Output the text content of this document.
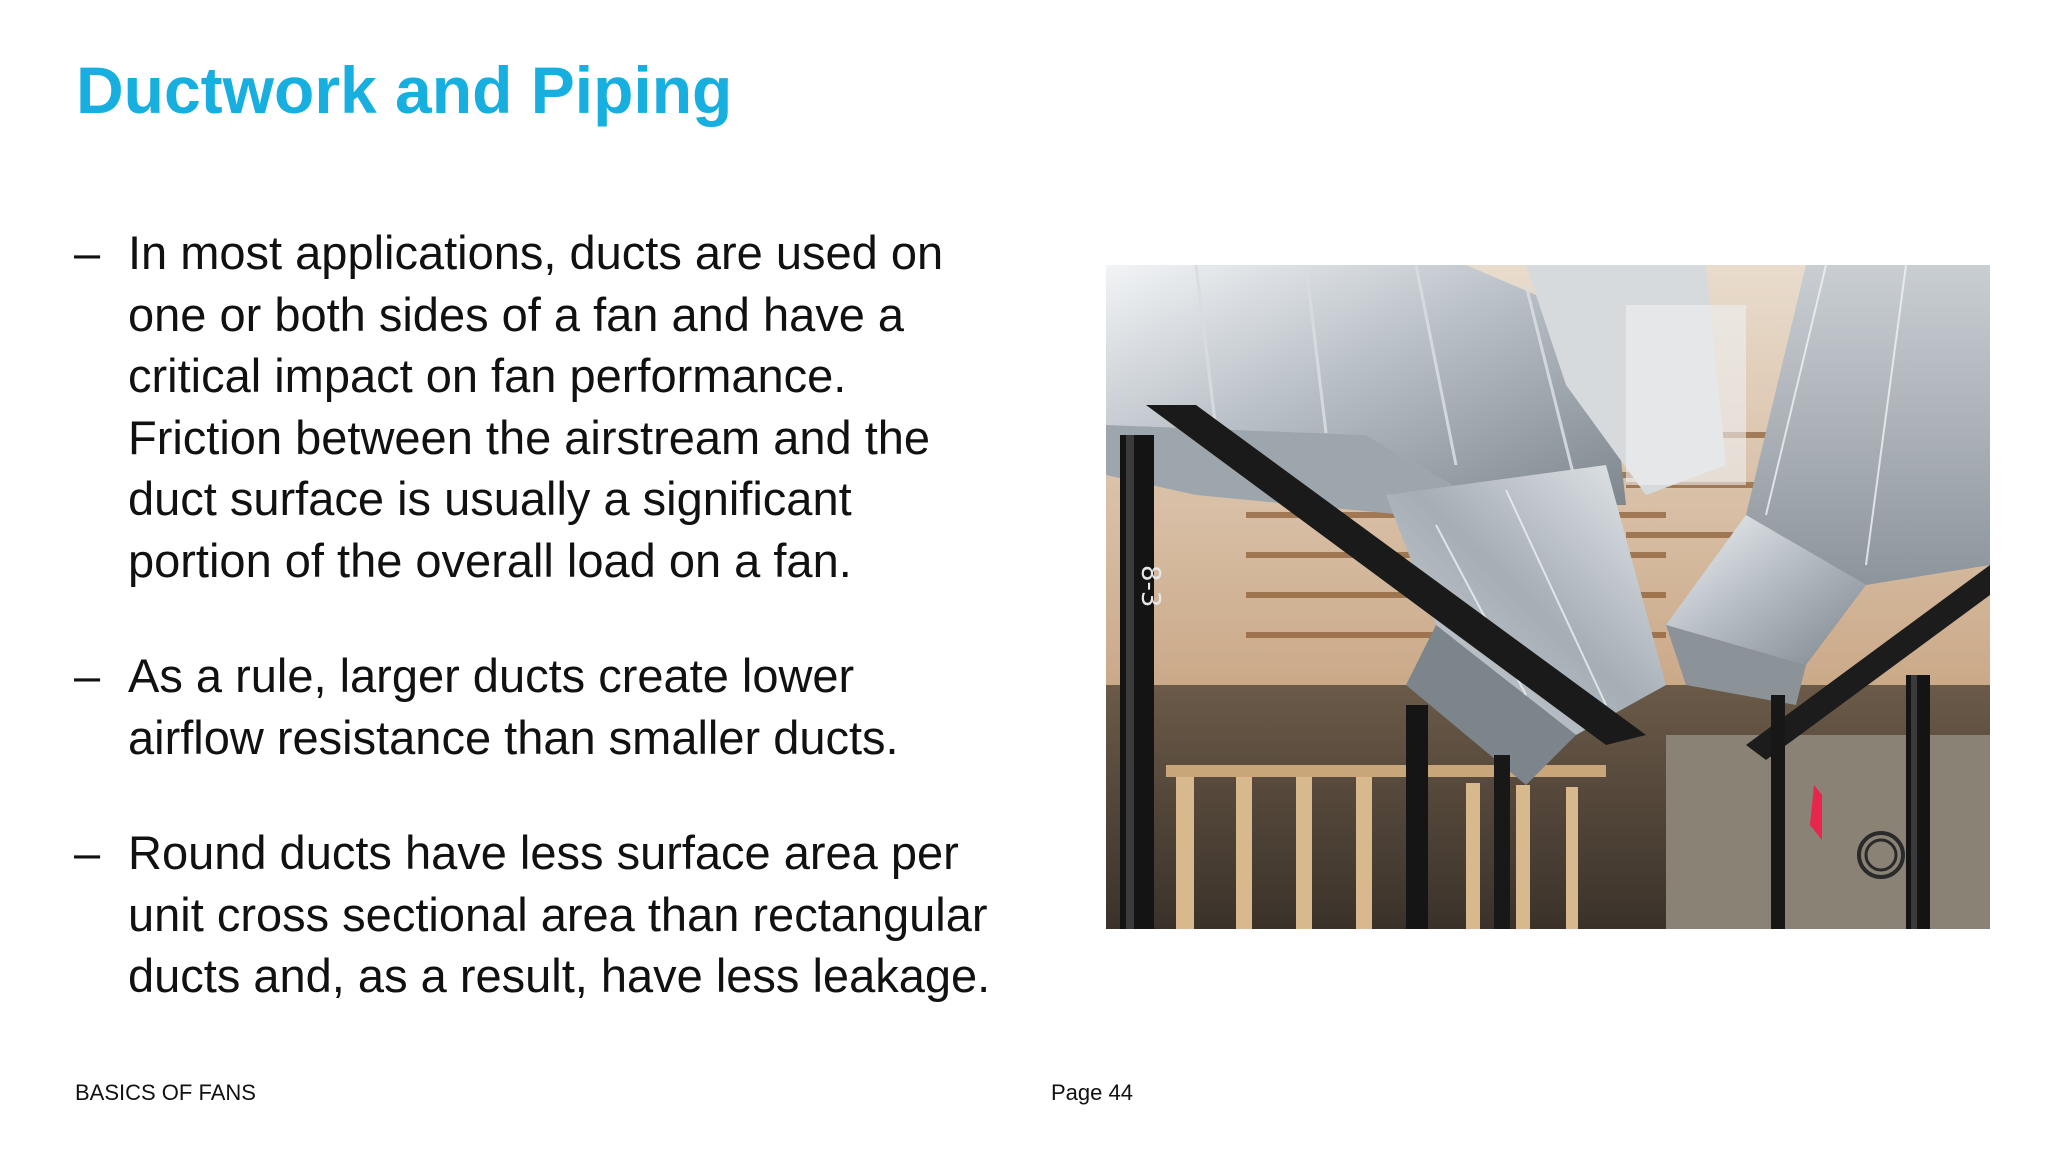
Ductwork and Piping
– In most applications, ducts are used on
one or both sides of a fan and have a
critical impact on fan performance.
Friction between the airstream and the
duct surface is usually a significant
portion of the overall load on a fan.
– As a rule, larger ducts create lower
airflow resistance than smaller ducts.
– Round ducts have less surface area per
unit cross sectional area than rectangular
ducts and, as a result, have less leakage.
8-3
BASICS OF FANS	Page 44
